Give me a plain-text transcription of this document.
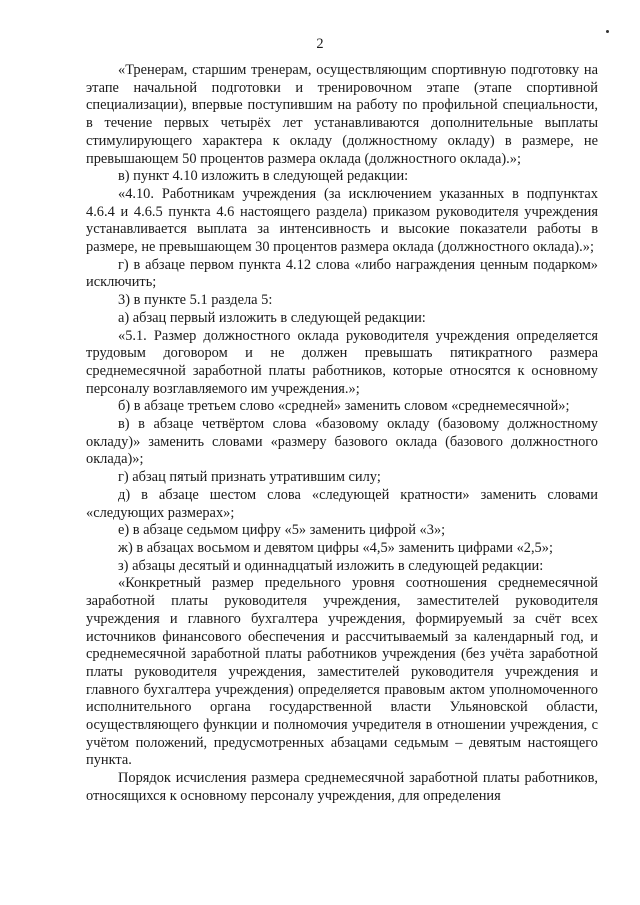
2

«Тренерам, старшим тренерам, осуществляющим спортивную подготовку на этапе начальной подготовки и тренировочном этапе (этапе спортивной специализации), впервые поступившим на работу по профильной специальности, в течение первых четырёх лет устанавливаются дополнительные выплаты стимулирующего характера к окладу (должностному окладу) в размере, не превышающем 50 процентов размера оклада (должностного оклада).»;

в) пункт 4.10 изложить в следующей редакции:

«4.10. Работникам учреждения (за исключением указанных в подпунктах 4.6.4 и 4.6.5 пункта 4.6 настоящего раздела) приказом руководителя учреждения устанавливается выплата за интенсивность и высокие показатели работы в размере, не превышающем 30 процентов размера оклада (должностного оклада).»;

г) в абзаце первом пункта 4.12 слова «либо награждения ценным подарком» исключить;

3) в пункте 5.1 раздела 5:

а) абзац первый изложить в следующей редакции:

«5.1. Размер должностного оклада руководителя учреждения определяется трудовым договором и не должен превышать пятикратного размера среднемесячной заработной платы работников, которые относятся к основному персоналу возглавляемого им учреждения.»;

б) в абзаце третьем слово «средней» заменить словом «среднемесячной»;

в) в абзаце четвёртом слова «базовому окладу (базовому должностному окладу)» заменить словами «размеру базового оклада (базового должностного оклада)»;

г) абзац пятый признать утратившим силу;

д) в абзаце шестом слова «следующей кратности» заменить словами «следующих размерах»;

е) в абзаце седьмом цифру «5» заменить цифрой «3»;

ж) в абзацах восьмом и девятом цифры «4,5» заменить цифрами «2,5»;

з) абзацы десятый и одиннадцатый изложить в следующей редакции:

«Конкретный размер предельного уровня соотношения среднемесячной заработной платы руководителя учреждения, заместителей руководителя учреждения и главного бухгалтера учреждения, формируемый за счёт всех источников финансового обеспечения и рассчитываемый за календарный год, и среднемесячной заработной платы работников учреждения (без учёта заработной платы руководителя учреждения, заместителей руководителя учреждения и главного бухгалтера учреждения) определяется правовым актом уполномоченного исполнительного органа государственной власти Ульяновской области, осуществляющего функции и полномочия учредителя в отношении учреждения, с учётом положений, предусмотренных абзацами седьмым – девятым настоящего пункта.

Порядок исчисления размера среднемесячной заработной платы работников, относящихся к основному персоналу учреждения, для определения
